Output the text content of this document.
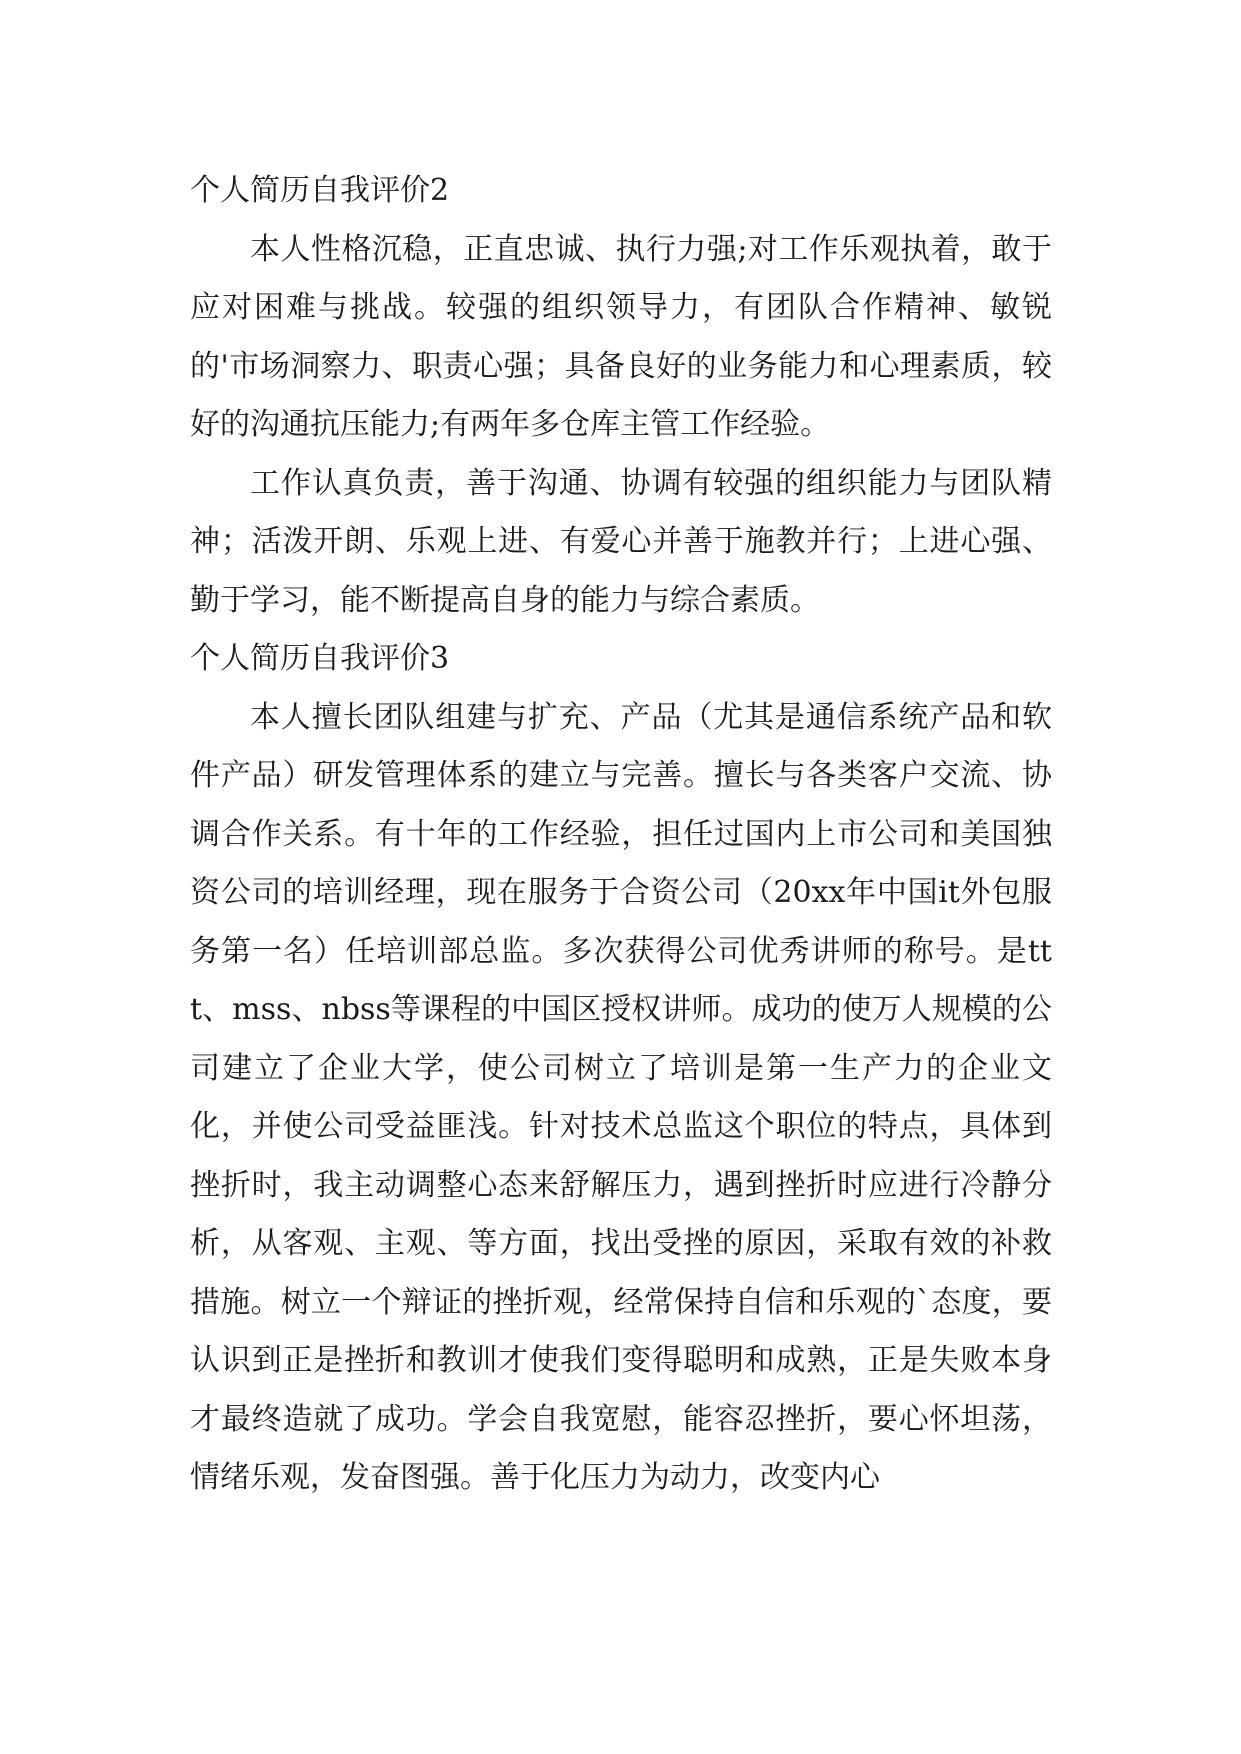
个人简历自我评价2

本人性格沉稳，正直忠诚、执行力强;对工作乐观执着，敢于应对困难与挑战。较强的组织领导力，有团队合作精神、敏锐的'市场洞察力、职责心强；具备良好的业务能力和心理素质，较好的沟通抗压能力;有两年多仓库主管工作经验。

工作认真负责，善于沟通、协调有较强的组织能力与团队精神；活泼开朗、乐观上进、有爱心并善于施教并行；上进心强、勤于学习，能不断提高自身的能力与综合素质。

个人简历自我评价3

本人擅长团队组建与扩充、产品（尤其是通信系统产品和软件产品）研发管理体系的建立与完善。擅长与各类客户交流、协调合作关系。有十年的工作经验，担任过国内上市公司和美国独资公司的培训经理，现在服务于合资公司（20xx年中国it外包服务第一名）任培训部总监。多次获得公司优秀讲师的称号。是ttt、mss、nbss等课程的中国区授权讲师。成功的使万人规模的公司建立了企业大学，使公司树立了培训是第一生产力的企业文化，并使公司受益匪浅。针对技术总监这个职位的特点，具体到挫折时，我主动调整心态来舒解压力，遇到挫折时应进行冷静分析，从客观、主观、等方面，找出受挫的原因，采取有效的补救措施。树立一个辩证的挫折观，经常保持自信和乐观的`态度，要认识到正是挫折和教训才使我们变得聪明和成熟，正是失败本身才最终造就了成功。学会自我宽慰，能容忍挫折，要心怀坦荡，情绪乐观，发奋图强。善于化压力为动力，改变内心
